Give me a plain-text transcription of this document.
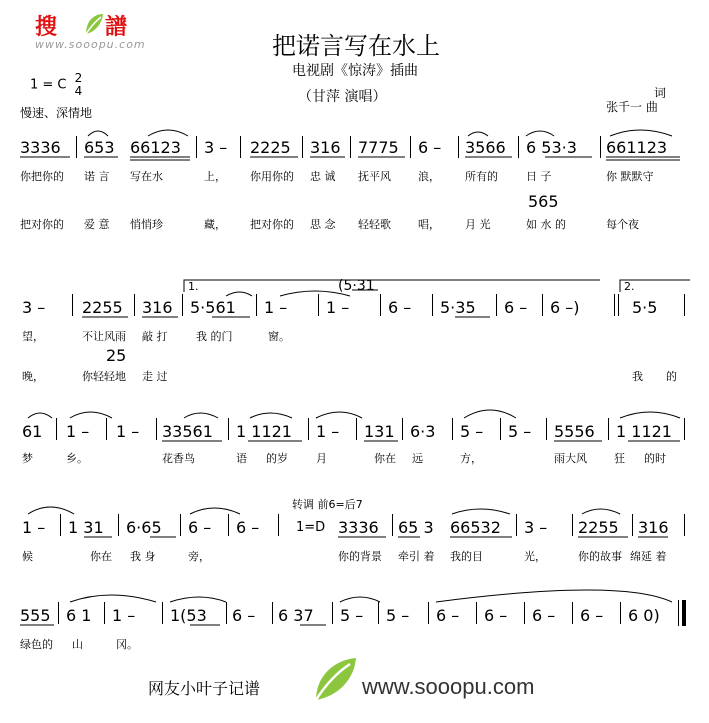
搜 譜
www.sooopu.com	把诺言写在水上
电视剧《惊涛》插曲
（甘萍 演唱）
1 = C 2
4
慢速、深情地
词
张千一 曲
3336 653 66123 3 – 2225 316 7775 6 – 3566 6 53·3 661123
你把你的 诺 言 写在水	上， 你用你的 忠 诚 抚平风 浪， 所有的	日 子	你 默默守
565
把对你的 爱 意 悄悄珍	藏， 把对你的 思 念 轻轻歌 唱， 月 光	如 水 的	每个夜
1.	(5·31	2.
3 – 2255 316 5·561 1 – 1 – 6 – 5·35 6 – 6 –)	5·5
望，	不让风雨 敲 打	我 的门	窗。
25
晚，	你轻轻地 走 过	我 的
61 1 – 1 – 33561 1 1121 1 – 131 6·3 5 – 5 – 5556 1 1121
梦	乡。	花香鸟	语 的岁	月	你在 远	方，	雨大风 狂 的时
转调 前6=后7
1 – 1 31 6·65 6 – 6 –	1=D 3336 65 3 66532 3 – 2255 316
候	你在 我 身	旁，	你的背景 牵引 着 我的目	光，	你的故事 绵延 着
555 6 1 1 – 1(53 6 – 6 37 5 – 5 – 6 – 6 – 6 – 6 – 6 0)
绿色的 山	冈。
网友小叶子记谱	www.sooopu.com
